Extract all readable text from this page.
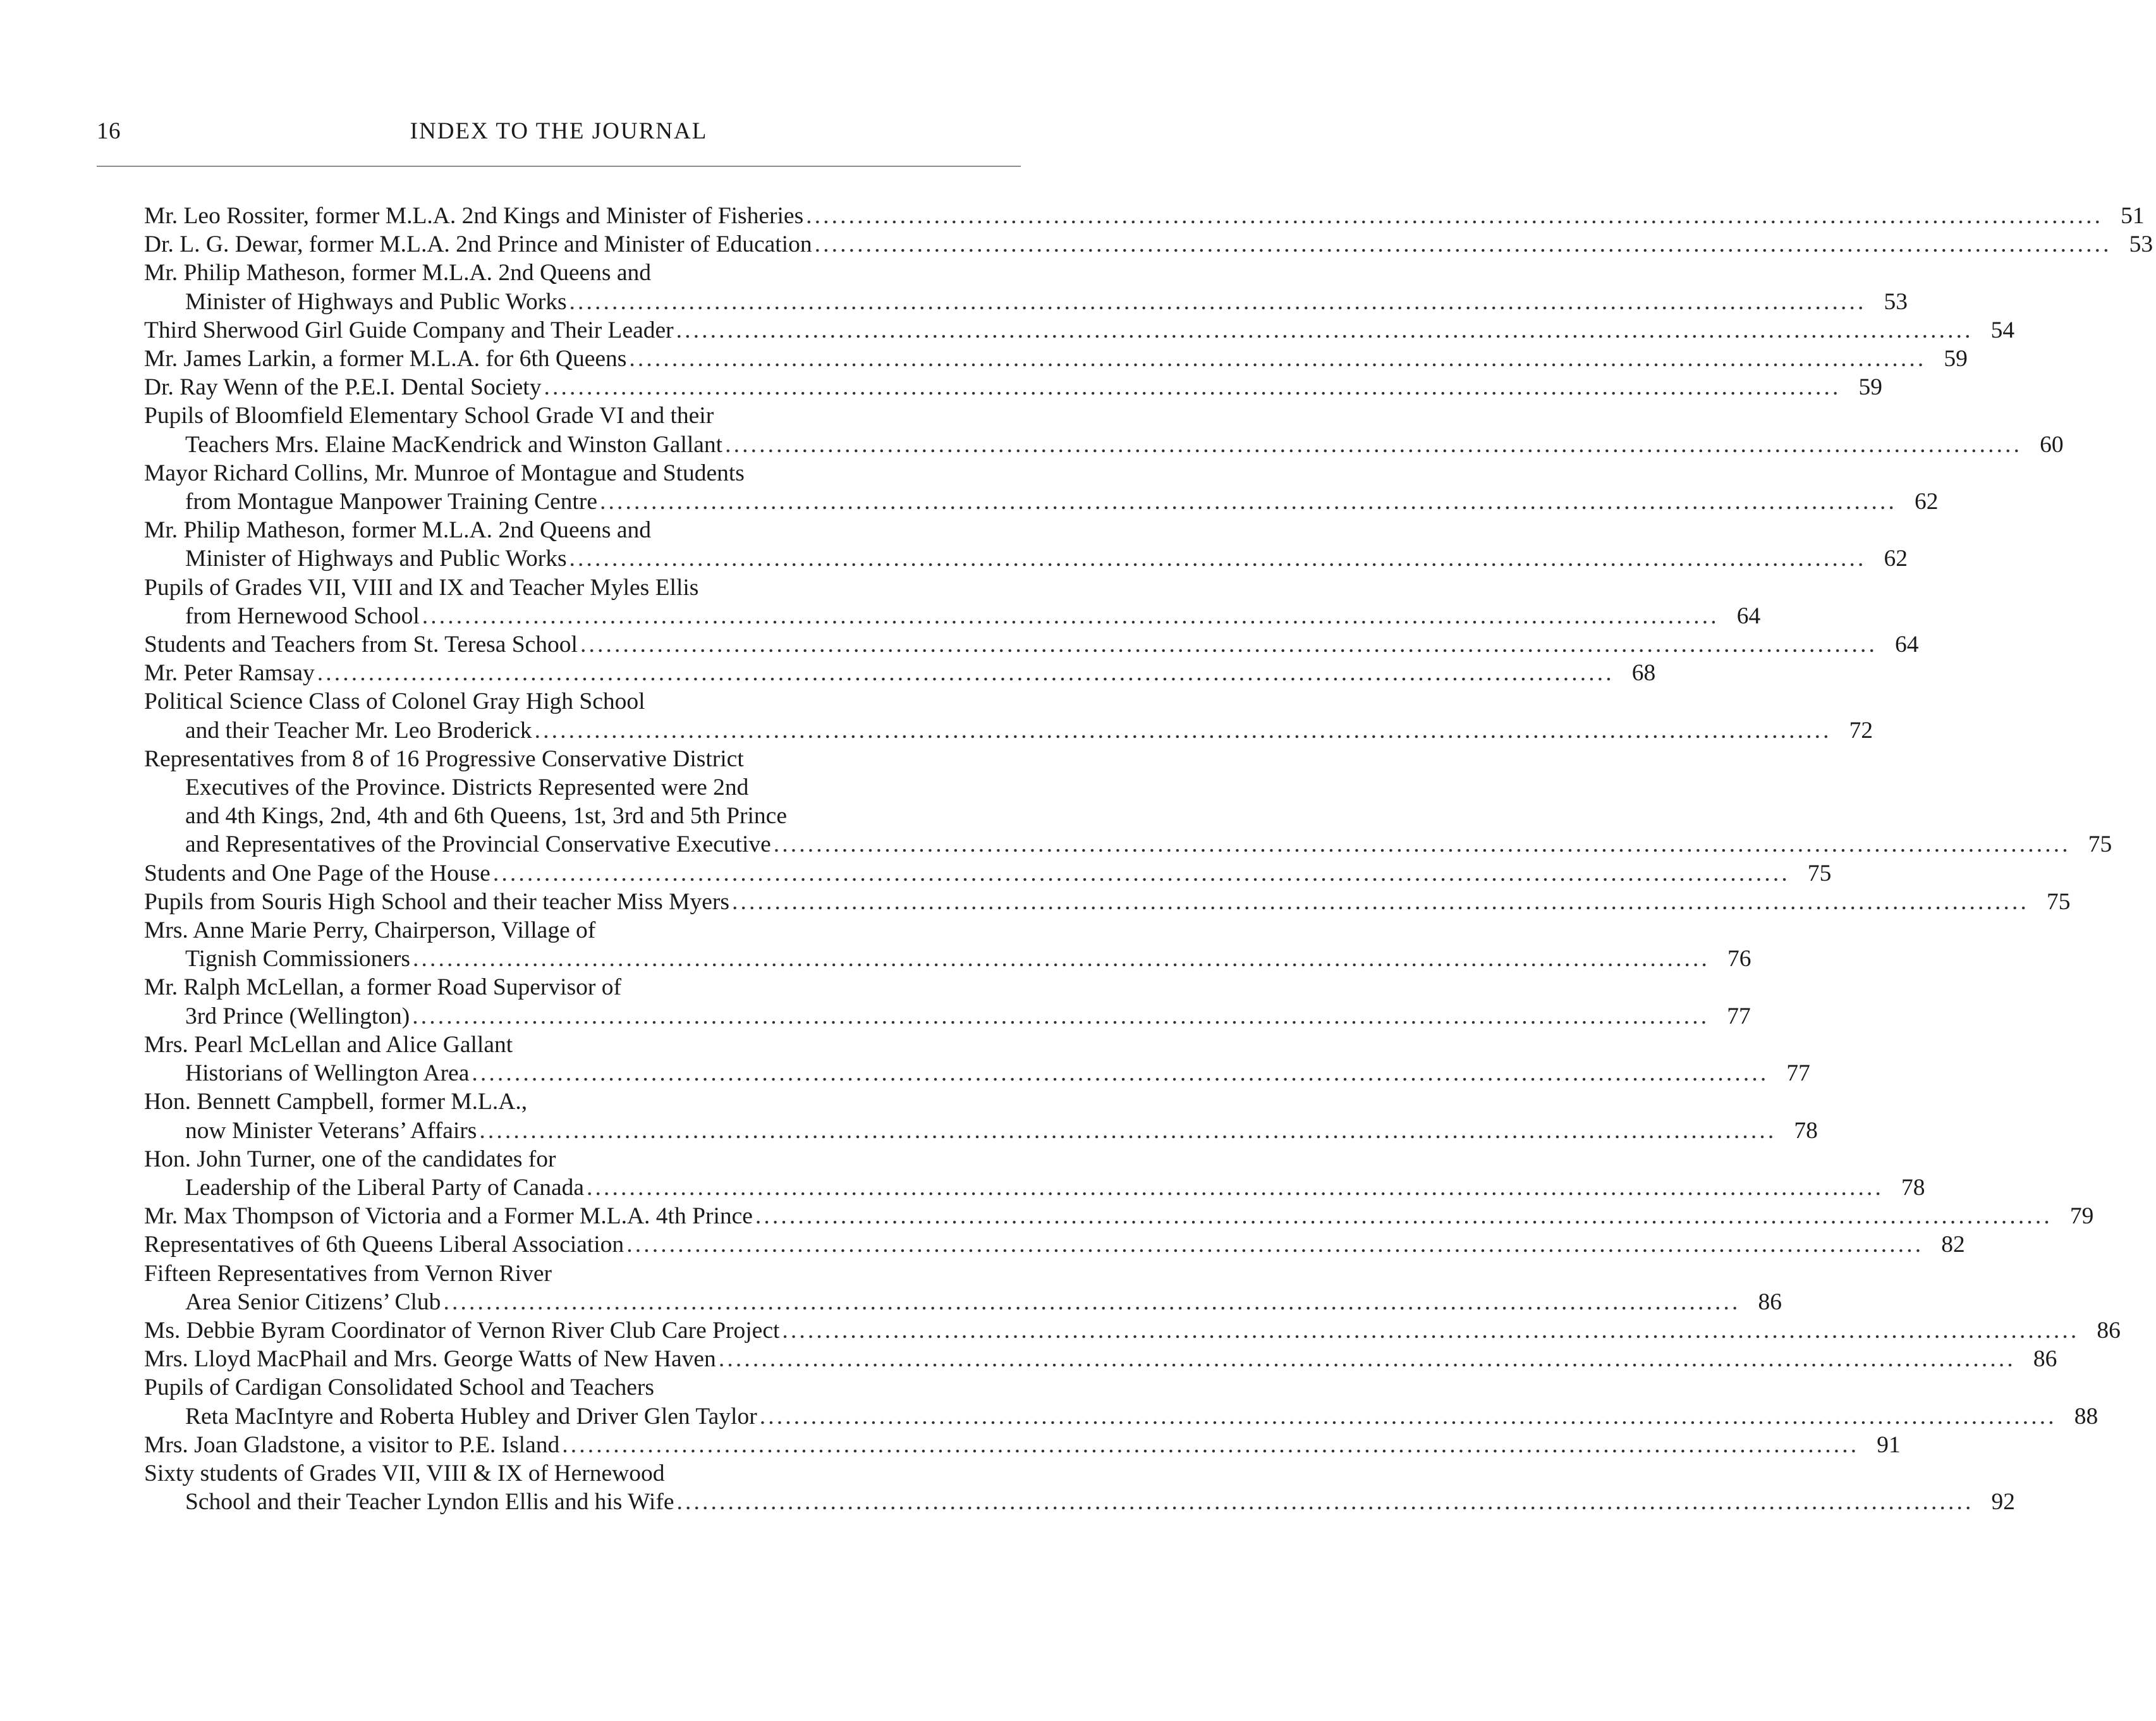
16	INDEX TO THE JOURNAL
Mr. Leo Rossiter, former M.L.A. 2nd Kings and Minister of Fisheries ........................................................................................................................................................ 51
Dr. L. G. Dewar, former M.L.A. 2nd Prince and Minister of Education ........................................................................................................................................................ 53
Mr. Philip Matheson, former M.L.A. 2nd Queens and
Minister of Highways and Public Works ........................................................................................................................................................ 53
Third Sherwood Girl Guide Company and Their Leader ........................................................................................................................................................ 54
Mr. James Larkin, a former M.L.A. for 6th Queens ........................................................................................................................................................ 59
Dr. Ray Wenn of the P.E.I. Dental Society ........................................................................................................................................................ 59
Pupils of Bloomfield Elementary School Grade VI and their
Teachers Mrs. Elaine MacKendrick and Winston Gallant ........................................................................................................................................................ 60
Mayor Richard Collins, Mr. Munroe of Montague and Students
from Montague Manpower Training Centre ........................................................................................................................................................ 62
Mr. Philip Matheson, former M.L.A. 2nd Queens and
Minister of Highways and Public Works ........................................................................................................................................................ 62
Pupils of Grades VII, VIII and IX and Teacher Myles Ellis
from Hernewood School ........................................................................................................................................................ 64
Students and Teachers from St. Teresa School ........................................................................................................................................................ 64
Mr. Peter Ramsay ........................................................................................................................................................ 68
Political Science Class of Colonel Gray High School
and their Teacher Mr. Leo Broderick ........................................................................................................................................................ 72
Representatives from 8 of 16 Progressive Conservative District
Executives of the Province. Districts Represented were 2nd
and 4th Kings, 2nd, 4th and 6th Queens, 1st, 3rd and 5th Prince
and Representatives of the Provincial Conservative Executive ........................................................................................................................................................ 75
Students and One Page of the House ........................................................................................................................................................ 75
Pupils from Souris High School and their teacher Miss Myers ........................................................................................................................................................ 75
Mrs. Anne Marie Perry, Chairperson, Village of
Tignish Commissioners ........................................................................................................................................................ 76
Mr. Ralph McLellan, a former Road Supervisor of
3rd Prince (Wellington) ........................................................................................................................................................ 77
Mrs. Pearl McLellan and Alice Gallant
Historians of Wellington Area ........................................................................................................................................................ 77
Hon. Bennett Campbell, former M.L.A.,
now Minister Veterans’ Affairs ........................................................................................................................................................ 78
Hon. John Turner, one of the candidates for
Leadership of the Liberal Party of Canada ........................................................................................................................................................ 78
Mr. Max Thompson of Victoria and a Former M.L.A. 4th Prince ........................................................................................................................................................ 79
Representatives of 6th Queens Liberal Association ........................................................................................................................................................ 82
Fifteen Representatives from Vernon River
Area Senior Citizens’ Club ........................................................................................................................................................ 86
Ms. Debbie Byram Coordinator of Vernon River Club Care Project ........................................................................................................................................................ 86
Mrs. Lloyd MacPhail and Mrs. George Watts of New Haven ........................................................................................................................................................ 86
Pupils of Cardigan Consolidated School and Teachers
Reta MacIntyre and Roberta Hubley and Driver Glen Taylor ........................................................................................................................................................ 88
Mrs. Joan Gladstone, a visitor to P.E. Island ........................................................................................................................................................ 91
Sixty students of Grades VII, VIII & IX of Hernewood
School and their Teacher Lyndon Ellis and his Wife ........................................................................................................................................................ 92
